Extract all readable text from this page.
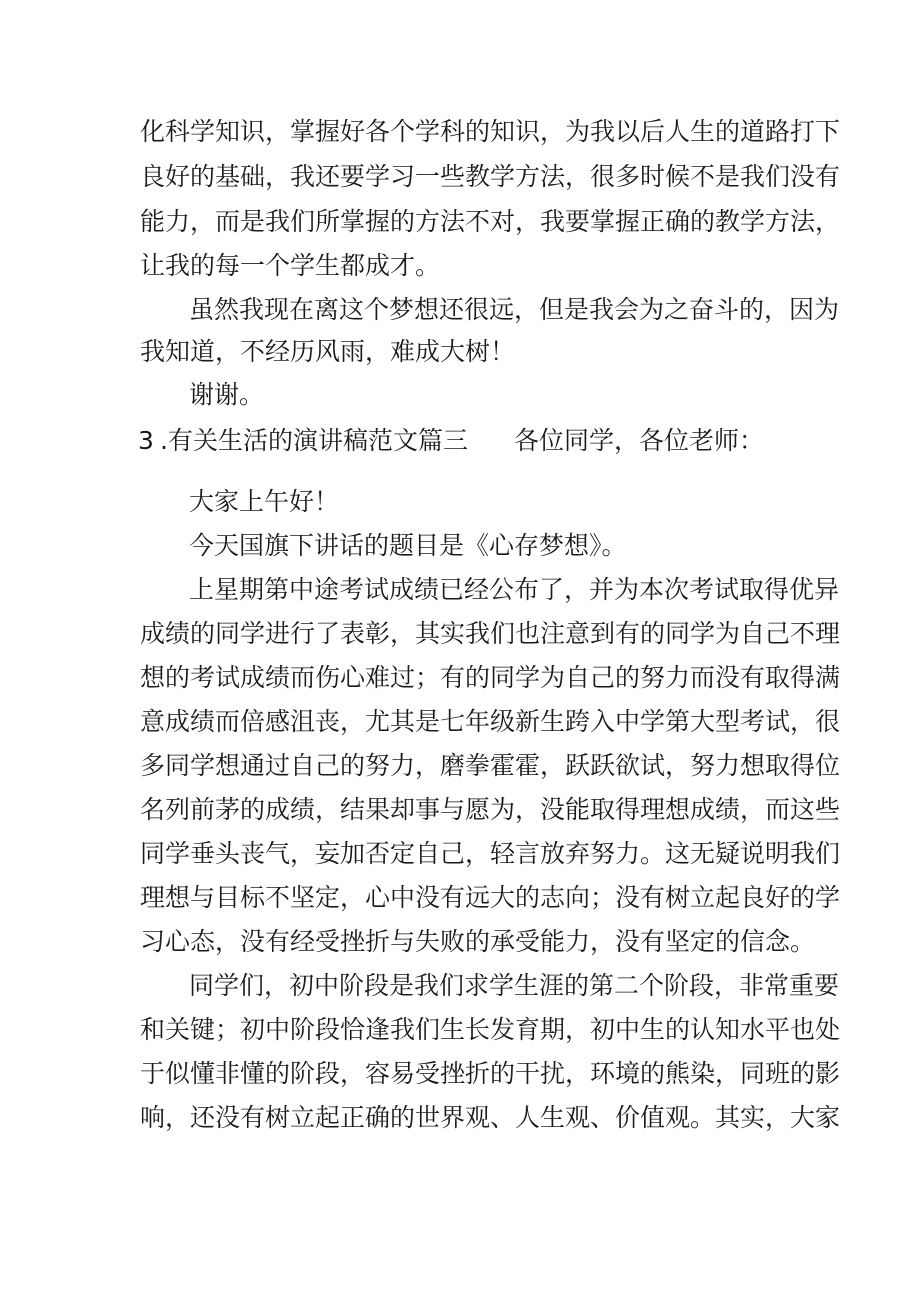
化科学知识，掌握好各个学科的知识，为我以后人生的道路打下
良好的基础，我还要学习一些教学方法，很多时候不是我们没有
能力，而是我们所掌握的方法不对，我要掌握正确的教学方法，
让我的每一个学生都成才。
虽然我现在离这个梦想还很远，但是我会为之奋斗的，因为
我知道，不经历风雨，难成大树！
谢谢。
3 .有关生活的演讲稿范文篇三 各位同学，各位老师：
大家上午好！
今天国旗下讲话的题目是《心存梦想》。
上星期第中途考试成绩已经公布了，并为本次考试取得优异
成绩的同学进行了表彰，其实我们也注意到有的同学为自己不理
想的考试成绩而伤心难过；有的同学为自己的努力而没有取得满
意成绩而倍感沮丧，尤其是七年级新生跨入中学第大型考试，很
多同学想通过自己的努力，磨拳霍霍，跃跃欲试，努力想取得位
名列前茅的成绩，结果却事与愿为，没能取得理想成绩，而这些
同学垂头丧气，妄加否定自己，轻言放弃努力。这无疑说明我们
理想与目标不坚定，心中没有远大的志向；没有树立起良好的学
习心态，没有经受挫折与失败的承受能力，没有坚定的信念。
同学们，初中阶段是我们求学生涯的第二个阶段，非常重要
和关键；初中阶段恰逢我们生长发育期，初中生的认知水平也处
于似懂非懂的阶段，容易受挫折的干扰，环境的熊染，同班的影
响，还没有树立起正确的世界观、人生观、价值观。其实，大家
